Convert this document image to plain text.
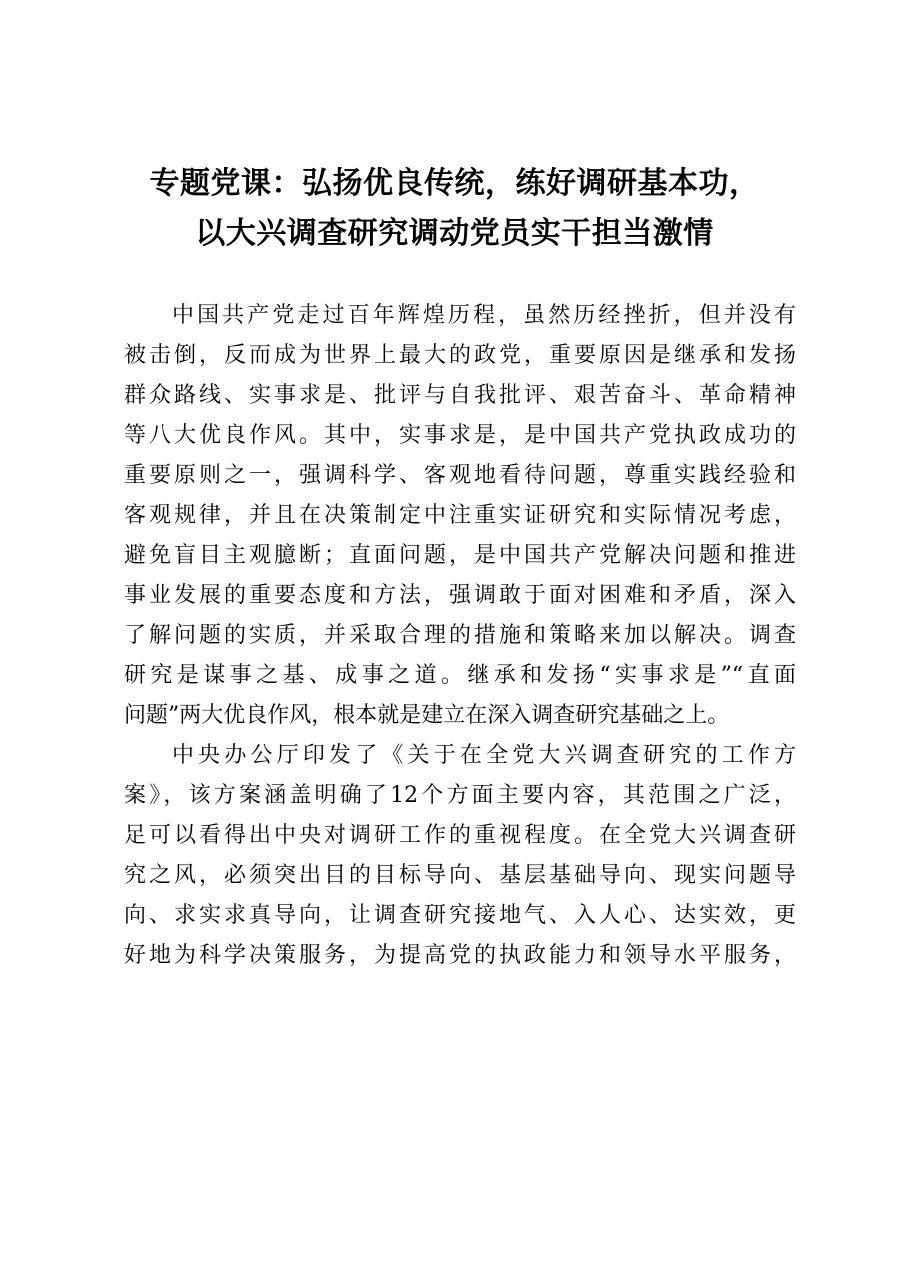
专题党课：弘扬优良传统，练好调研基本功，
以大兴调查研究调动党员实干担当激情
中国共产党走过百年辉煌历程，虽然历经挫折，但并没有
被击倒，反而成为世界上最大的政党，重要原因是继承和发扬
群众路线、实事求是、批评与自我批评、艰苦奋斗、革命精神
等八大优良作风。其中，实事求是，是中国共产党执政成功的
重要原则之一，强调科学、客观地看待问题，尊重实践经验和
客观规律，并且在决策制定中注重实证研究和实际情况考虑，
避免盲目主观臆断；直面问题，是中国共产党解决问题和推进
事业发展的重要态度和方法，强调敢于面对困难和矛盾，深入
了解问题的实质，并采取合理的措施和策略来加以解决。调查
研究是谋事之基、成事之道。继承和发扬“实事求是”“直面
问题”两大优良作风，根本就是建立在深入调查研究基础之上。
中央办公厅印发了《关于在全党大兴调查研究的工作方
案》，该方案涵盖明确了12个方面主要内容，其范围之广泛，
足可以看得出中央对调研工作的重视程度。在全党大兴调查研
究之风，必须突出目的目标导向、基层基础导向、现实问题导
向、求实求真导向，让调查研究接地气、入人心、达实效，更
好地为科学决策服务，为提高党的执政能力和领导水平服务，
